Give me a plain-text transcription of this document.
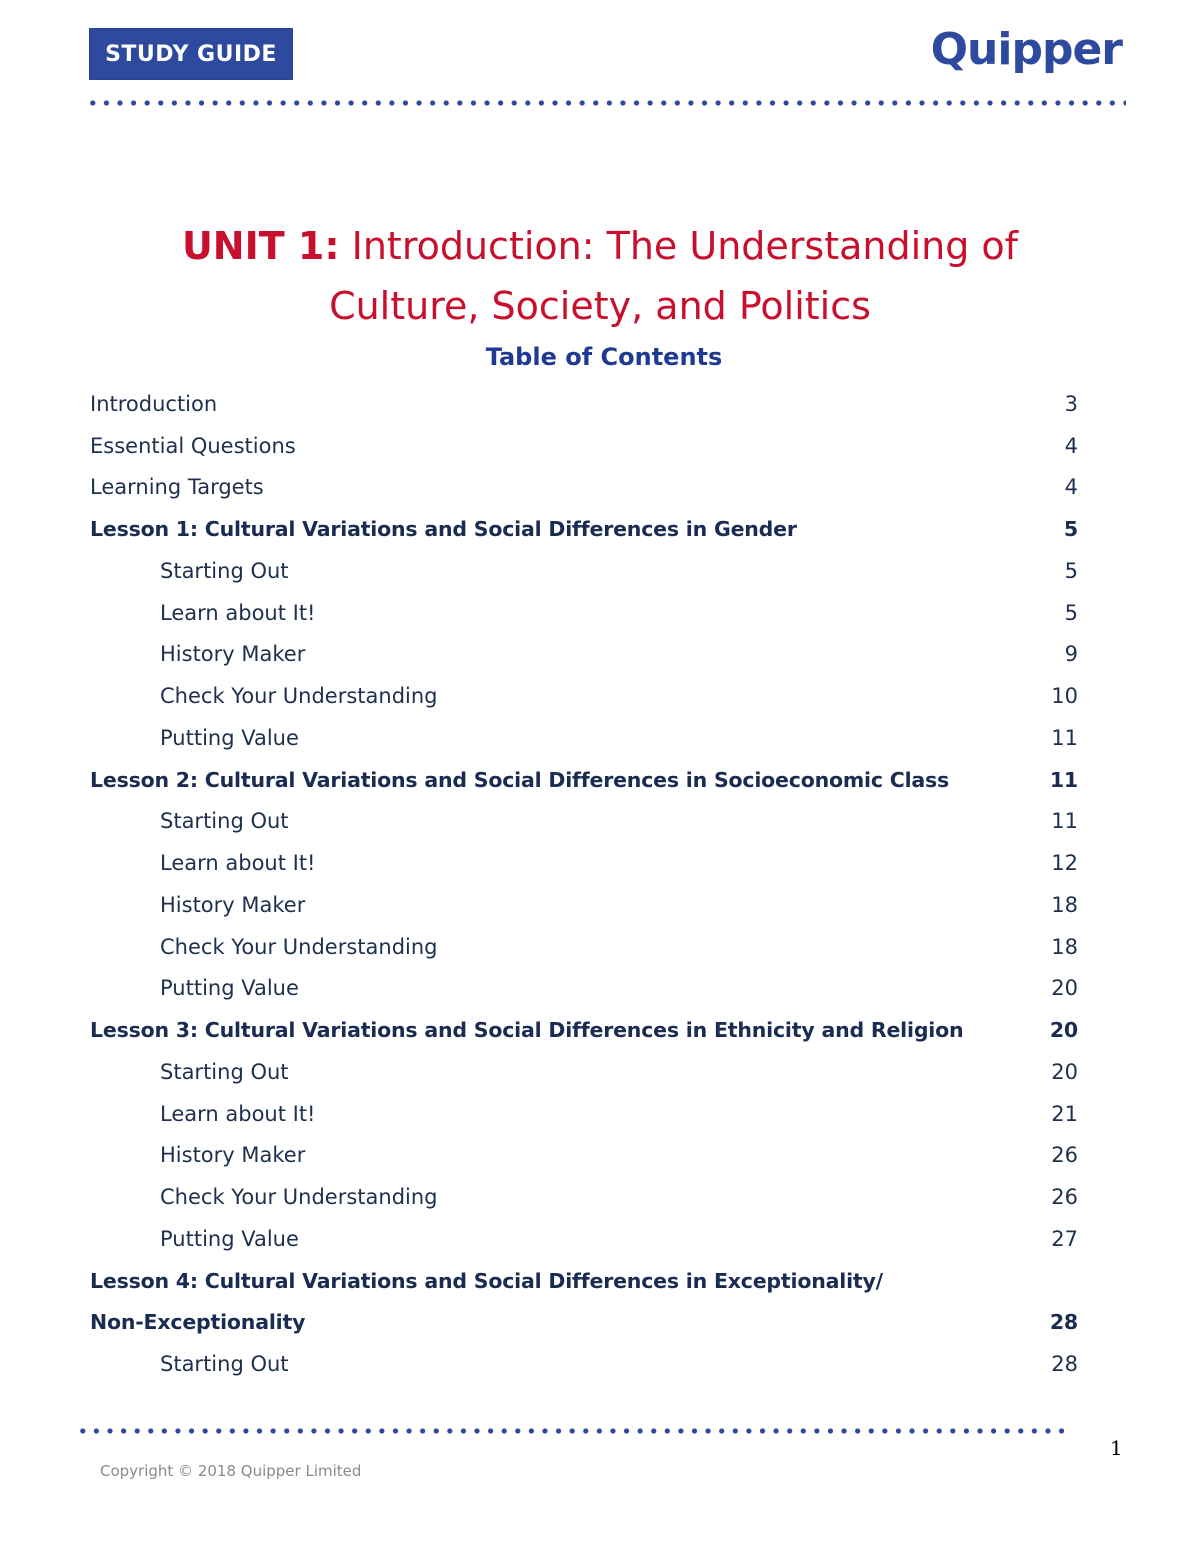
STUDY GUIDE	Quipper
UNIT 1: Introduction: The Understanding of
Culture, Society, and Politics
Table of Contents
Introduction	3
Essential Questions	4
Learning Targets	4
Lesson 1: Cultural Variations and Social Differences in Gender	5
Starting Out	5
Learn about It!	5
History Maker	9
Check Your Understanding	10
Putting Value	11
Lesson 2: Cultural Variations and Social Differences in Socioeconomic Class	11
Starting Out	11
Learn about It!	12
History Maker	18
Check Your Understanding	18
Putting Value	20
Lesson 3: Cultural Variations and Social Differences in Ethnicity and Religion	20
Starting Out	20
Learn about It!	21
History Maker	26
Check Your Understanding	26
Putting Value	27
Lesson 4: Cultural Variations and Social Differences in Exceptionality/
Non-Exceptionality	28
Starting Out	28
1
Copyright © 2018 Quipper Limited
